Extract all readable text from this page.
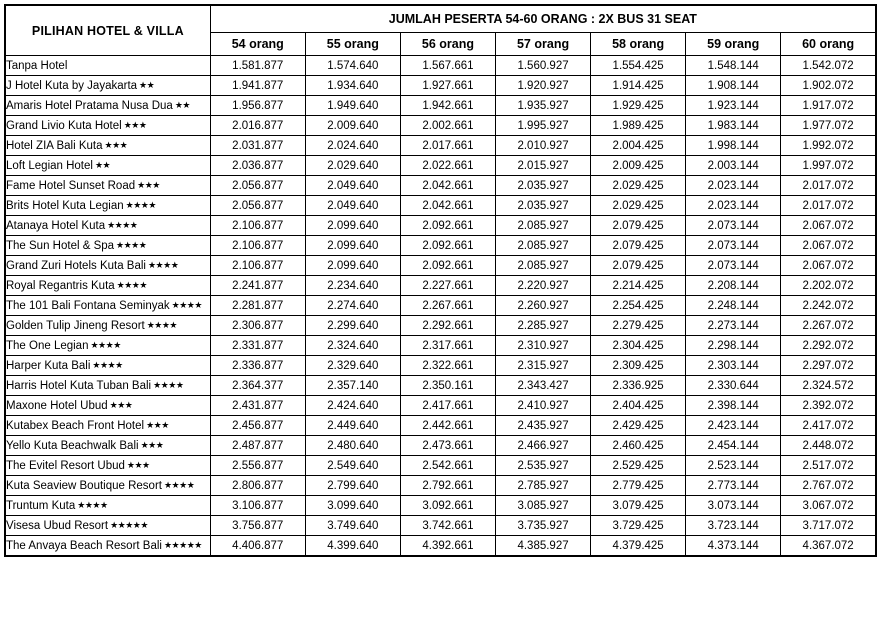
PILIHAN HOTEL & VILLA	JUMLAH PESERTA 54-60 ORANG : 2X BUS 31 SEAT						
	54 orang	55 orang	56 orang	57 orang	58 orang	59 orang	60 orang
Tanpa Hotel	1.581.877	1.574.640	1.567.661	1.560.927	1.554.425	1.548.144	1.542.072
J Hotel Kuta by Jayakarta ★★	1.941.877	1.934.640	1.927.661	1.920.927	1.914.425	1.908.144	1.902.072
Amaris Hotel Pratama Nusa Dua ★★	1.956.877	1.949.640	1.942.661	1.935.927	1.929.425	1.923.144	1.917.072
Grand Livio Kuta Hotel ★★★	2.016.877	2.009.640	2.002.661	1.995.927	1.989.425	1.983.144	1.977.072
Hotel ZIA Bali Kuta ★★★	2.031.877	2.024.640	2.017.661	2.010.927	2.004.425	1.998.144	1.992.072
Loft Legian Hotel ★★	2.036.877	2.029.640	2.022.661	2.015.927	2.009.425	2.003.144	1.997.072
Fame Hotel Sunset Road ★★★	2.056.877	2.049.640	2.042.661	2.035.927	2.029.425	2.023.144	2.017.072
Brits Hotel Kuta Legian ★★★★	2.056.877	2.049.640	2.042.661	2.035.927	2.029.425	2.023.144	2.017.072
Atanaya Hotel Kuta ★★★★	2.106.877	2.099.640	2.092.661	2.085.927	2.079.425	2.073.144	2.067.072
The Sun Hotel & Spa ★★★★	2.106.877	2.099.640	2.092.661	2.085.927	2.079.425	2.073.144	2.067.072
Grand Zuri Hotels Kuta Bali ★★★★	2.106.877	2.099.640	2.092.661	2.085.927	2.079.425	2.073.144	2.067.072
Royal Regantris Kuta ★★★★	2.241.877	2.234.640	2.227.661	2.220.927	2.214.425	2.208.144	2.202.072
The 101 Bali Fontana Seminyak ★★★★	2.281.877	2.274.640	2.267.661	2.260.927	2.254.425	2.248.144	2.242.072
Golden Tulip Jineng Resort ★★★★	2.306.877	2.299.640	2.292.661	2.285.927	2.279.425	2.273.144	2.267.072
The One Legian ★★★★	2.331.877	2.324.640	2.317.661	2.310.927	2.304.425	2.298.144	2.292.072
Harper Kuta Bali ★★★★	2.336.877	2.329.640	2.322.661	2.315.927	2.309.425	2.303.144	2.297.072
Harris Hotel Kuta Tuban Bali ★★★★	2.364.377	2.357.140	2.350.161	2.343.427	2.336.925	2.330.644	2.324.572
Maxone Hotel Ubud ★★★	2.431.877	2.424.640	2.417.661	2.410.927	2.404.425	2.398.144	2.392.072
Kutabex Beach Front Hotel ★★★	2.456.877	2.449.640	2.442.661	2.435.927	2.429.425	2.423.144	2.417.072
Yello Kuta Beachwalk Bali ★★★	2.487.877	2.480.640	2.473.661	2.466.927	2.460.425	2.454.144	2.448.072
The Evitel Resort Ubud ★★★	2.556.877	2.549.640	2.542.661	2.535.927	2.529.425	2.523.144	2.517.072
Kuta Seaview Boutique Resort ★★★★	2.806.877	2.799.640	2.792.661	2.785.927	2.779.425	2.773.144	2.767.072
Truntum Kuta ★★★★	3.106.877	3.099.640	3.092.661	3.085.927	3.079.425	3.073.144	3.067.072
Visesa Ubud Resort ★★★★★	3.756.877	3.749.640	3.742.661	3.735.927	3.729.425	3.723.144	3.717.072
The Anvaya Beach Resort Bali ★★★★★	4.406.877	4.399.640	4.392.661	4.385.927	4.379.425	4.373.144	4.367.072
